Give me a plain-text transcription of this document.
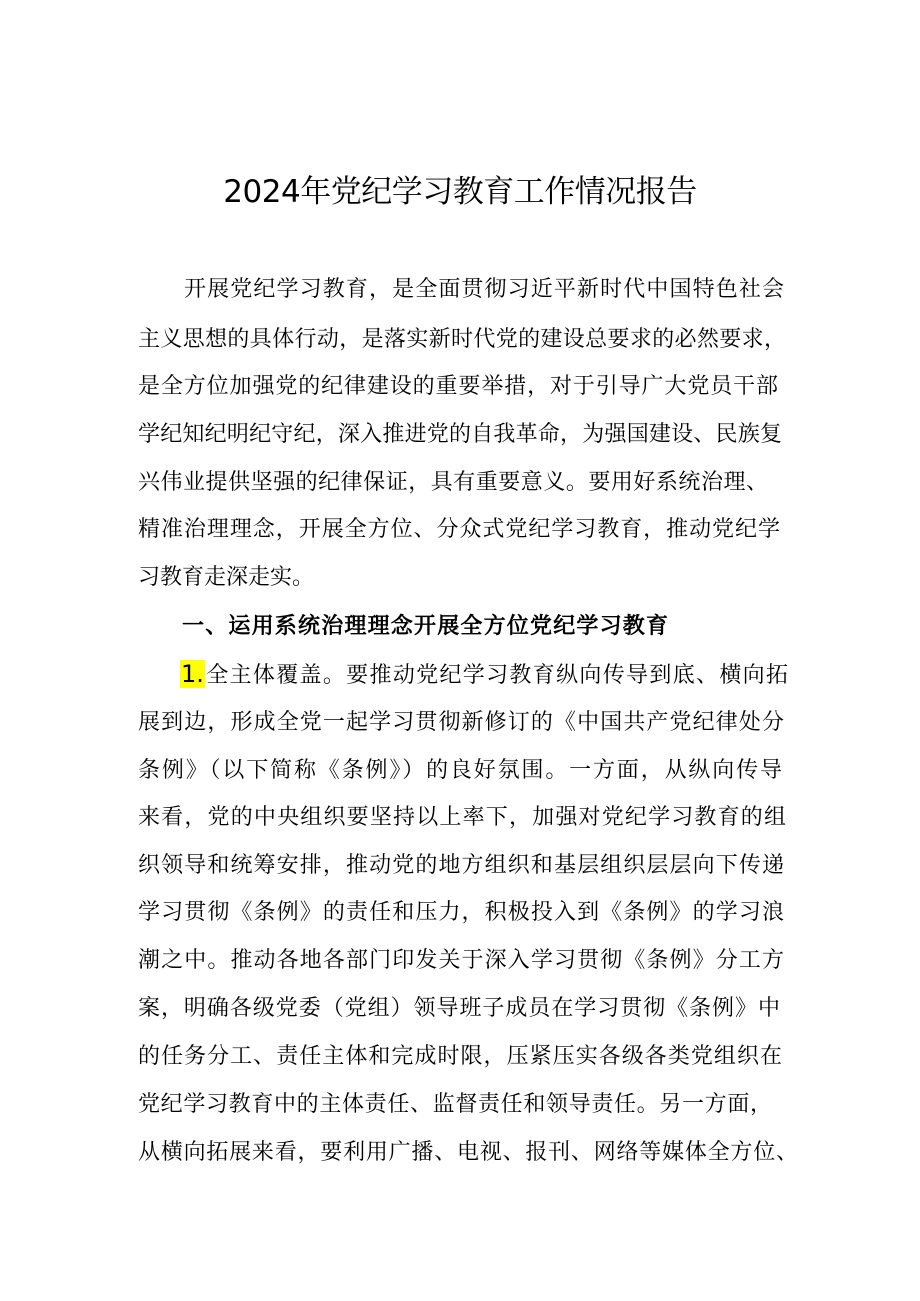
2024年党纪学习教育工作情况报告

开展党纪学习教育，是全面贯彻习近平新时代中国特色社会

主义思想的具体行动，是落实新时代党的建设总要求的必然要求，

是全方位加强党的纪律建设的重要举措，对于引导广大党员干部

学纪知纪明纪守纪，深入推进党的自我革命，为强国建设、民族复

兴伟业提供坚强的纪律保证，具有重要意义。要用好系统治理、

精准治理理念，开展全方位、分众式党纪学习教育，推动党纪学

习教育走深走实。

一、运用系统治理理念开展全方位党纪学习教育

1.全主体覆盖。要推动党纪学习教育纵向传导到底、横向拓

展到边，形成全党一起学习贯彻新修订的《中国共产党纪律处分

条例》（以下简称《条例》）的良好氛围。一方面，从纵向传导

来看，党的中央组织要坚持以上率下，加强对党纪学习教育的组

织领导和统筹安排，推动党的地方组织和基层组织层层向下传递

学习贯彻《条例》的责任和压力，积极投入到《条例》的学习浪

潮之中。推动各地各部门印发关于深入学习贯彻《条例》分工方

案，明确各级党委（党组）领导班子成员在学习贯彻《条例》中

的任务分工、责任主体和完成时限，压紧压实各级各类党组织在

党纪学习教育中的主体责任、监督责任和领导责任。另一方面，

从横向拓展来看，要利用广播、电视、报刊、网络等媒体全方位、
